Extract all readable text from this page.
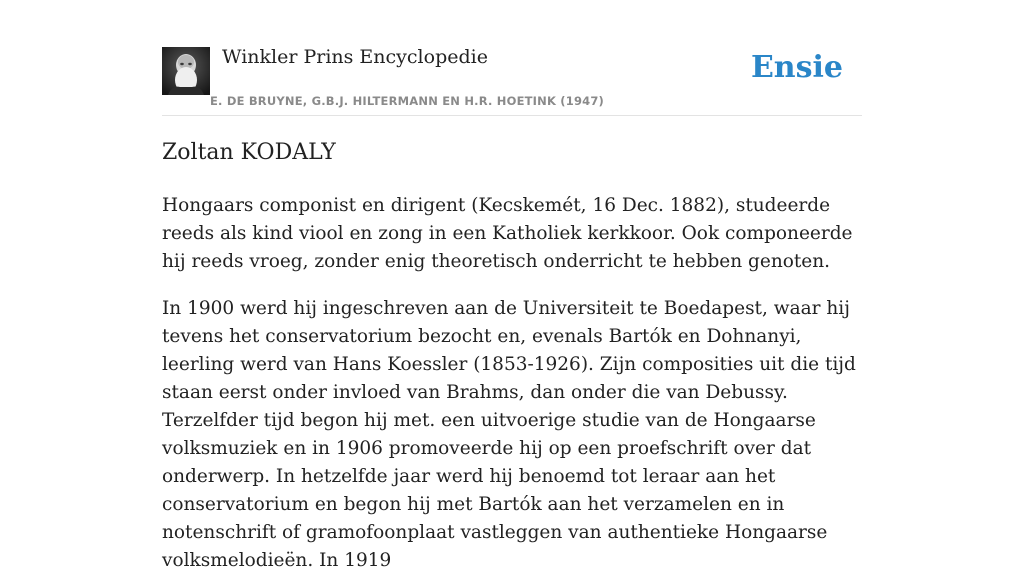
Winkler Prins Encyclopedie
E. DE BRUYNE, G.B.J. HILTERMANN EN H.R. HOETINK (1947)
Ensie
Zoltan KODALY

Hongaars componist en dirigent (Kecskemét, 16 Dec. 1882), studeerde reeds als kind viool en zong in een Katholiek kerkkoor. Ook componeerde hij reeds vroeg, zonder enig theoretisch onderricht te hebben genoten.

In 1900 werd hij ingeschreven aan de Universiteit te Boedapest, waar hij tevens het conservatorium bezocht en, evenals Bartók en Dohnanyi, leerling werd van Hans Koessler (1853-1926). Zijn composities uit die tijd staan eerst onder invloed van Brahms, dan onder die van Debussy. Terzelfder tijd begon hij met. een uitvoerige studie van de Hongaarse volksmuziek en in 1906 promoveerde hij op een proefschrift over dat onderwerp. In hetzelfde jaar werd hij benoemd tot leraar aan het conservatorium en begon hij met Bartók aan het verzamelen en in notenschrift of gramofoonplaat vastleggen van authentieke Hongaarse volksmelodieën. In 1919
